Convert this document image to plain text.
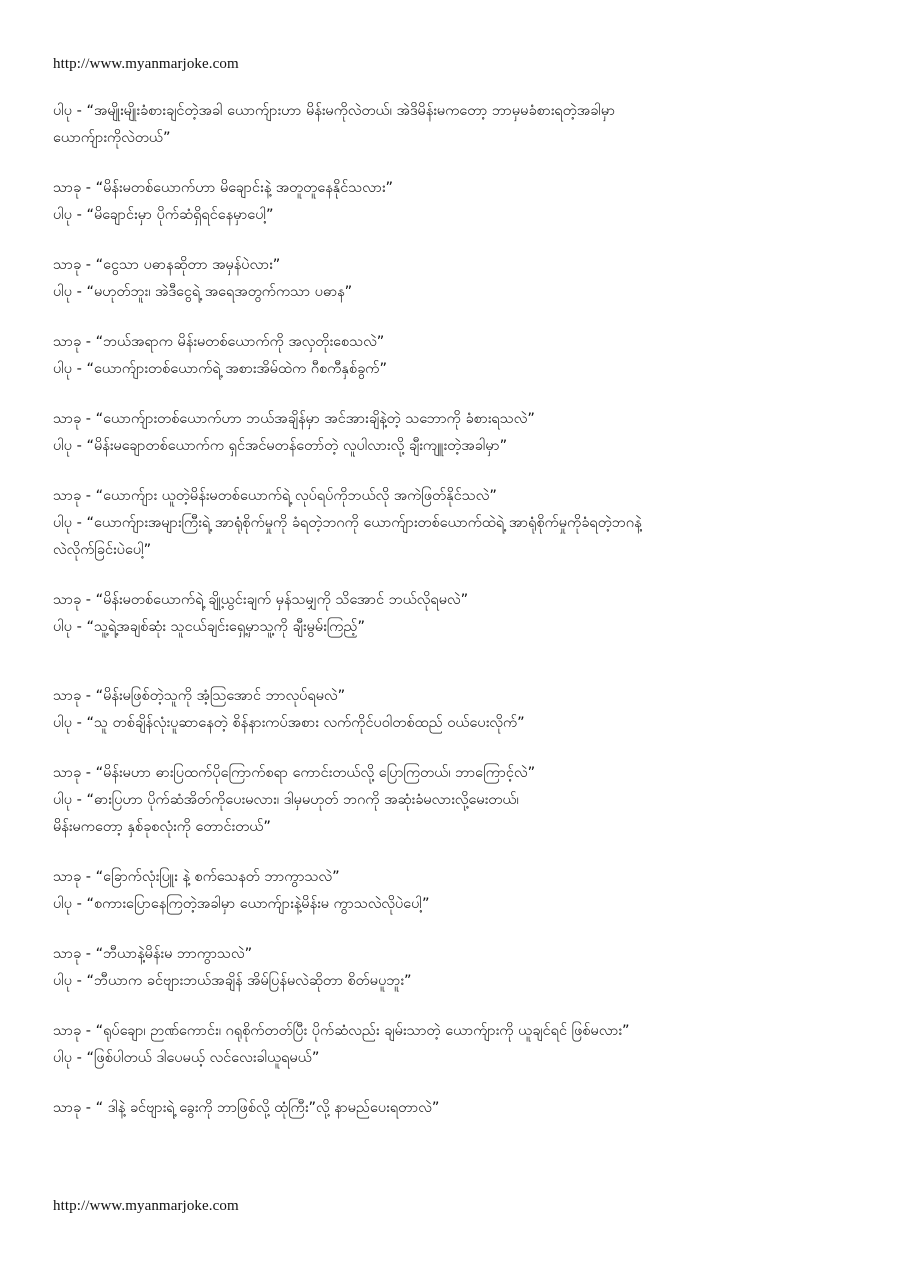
http://www.myanmarjoke.com
ပါပု - “အမျိုးမျိုးခံစားချင်တဲ့အခါ ယောက်ျားဟာ မိန်းမကိုလဲတယ်၊ အဲဒိမိန်းမကတော့ ဘာမှမခံစားရတဲ့အခါမှာ
ယောက်ျားကိုလဲတယ်”
သာခု - “မိန်းမတစ်ယောက်ဟာ မိချောင်းနဲ့ အတူတူနေနိုင်သလား”
ပါပု - “မိချောင်းမှာ ပိုက်ဆံရှိရင်နေမှာပေါ့”
သာခု - “ငွေသာ ပဓာနဆိုတာ အမှန်ပဲလား”
ပါပု - “မဟုတ်ဘူး၊ အဲဒီငွေရဲ့ အရေအတွက်ကသာ ပဓာန”
သာခု - “ဘယ်အရာက မိန်းမတစ်ယောက်ကို အလှတိုးစေသလဲ”
ပါပု - “ယောက်ျားတစ်ယောက်ရဲ့ အစားအိမ်ထဲက ဂီစကီနှစ်ခွက်”
သာခု - “ယောက်ျားတစ်ယောက်ဟာ ဘယ်အချိန်မှာ အင်အားချိနဲ့တဲ့ သဘောကို ခံစားရသလဲ”
ပါပု - “မိန်းမချောတစ်ယောက်က ရှင်အင်မတန်တော်တဲ့ လူပါလားလို့ ချီးကျူးတဲ့အခါမှာ”
သာခု - “ယောက်ျား ယူတဲ့မိန်းမတစ်ယောက်ရဲ့ လုပ်ရပ်ကိုဘယ်လို အကဲဖြတ်နိုင်သလဲ”
ပါပု - “ယောက်ျားအများကြီးရဲ့ အာရုံစိုက်မှုကို ခံရတဲ့ဘဂကို ယောက်ျားတစ်ယောက်ထဲရဲ့ အာရုံစိုက်မှုကိုခံရတဲ့ဘဂနဲ့
လဲလိုက်ခြင်းပဲပေါ့”
သာခု - “မိန်းမတစ်ယောက်ရဲ့ ချို့ယွင်းချက် မှန်သမျှကို သိအောင် ဘယ်လိုရမလဲ”
ပါပု - “သူ့ရဲ့အချစ်ဆုံး သူငယ်ချင်းရှေ့မှာသူ့ကို ချီးမွမ်းကြည့်”
သာခု - “မိန်းမဖြစ်တဲ့သူကို အံ့သြအောင် ဘာလုပ်ရမလဲ”
ပါပု - “သူ တစ်ချိန်လုံးပူဆာနေတဲ့ စိန်နားကပ်အစား လက်ကိုင်ပဝါတစ်ထည် ဝယ်ပေးလိုက်”
သာခု - “မိန်းမဟာ ဓားပြထက်ပိုကြောက်စရာ ကောင်းတယ်လို့ ပြောကြတယ်၊ ဘာကြောင့်လဲ”
ပါပု - “ဓားပြဟာ ပိုက်ဆံအိတ်ကိုပေးမလား၊ ဒါမှမဟုတ် ဘဂကို အဆုံးခံမလားလို့မေးတယ်၊
မိန်းမကတော့ နှစ်ခုစလုံးကို တောင်းတယ်”
သာခု - “ခြောက်လုံးပြူး နဲ့ စက်သေနတ် ဘာကွာသလဲ”
ပါပု - “စကားပြောနေကြတဲ့အခါမှာ ယောက်ျားနဲ့မိန်းမ ကွာသလဲလိုပဲပေါ့”
သာခု - “ဘီယာနဲ့မိန်းမ ဘာကွာသလဲ”
ပါပု - “ဘီယာက ခင်ဗျားဘယ်အချိန် အိမ်ပြန်မလဲဆိုတာ စိတ်မပူဘူး”
သာခု - “ရုပ်ချော၊ ဉာဏ်ကောင်း၊ ဂရုစိုက်တတ်ပြီး ပိုက်ဆံလည်း ချမ်းသာတဲ့ ယောက်ျားကို ယူချင်ရင် ဖြစ်မလား”
ပါပု - “ဖြစ်ပါတယ် ဒါပေမယ့် လင်လေးခါယူရမယ်”
သာခု - “ ဒါနဲ့ ခင်ဗျားရဲ့ ခွေးကို ဘာဖြစ်လို့ ထုံကြီး”လို့ နာမည်ပေးရတာလဲ”
http://www.myanmarjoke.com
